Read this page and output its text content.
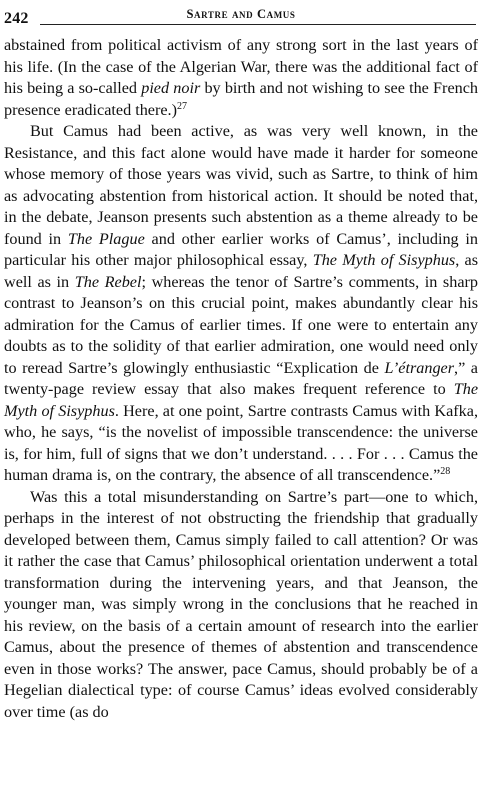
242	Sartre and Camus

abstained from political activism of any strong sort in the last years of his life. (In the case of the Algerian War, there was the additional fact of his being a so-called pied noir by birth and not wishing to see the French presence eradicated there.)$^{27}$

But Camus had been active, as was very well known, in the Resistance, and this fact alone would have made it harder for someone whose memory of those years was vivid, such as Sartre, to think of him as advocating abstention from historical action. It should be noted that, in the debate, Jeanson presents such abstention as a theme already to be found in The Plague and other earlier works of Camus’, including in particular his other major philosophical essay, The Myth of Sisyphus, as well as in The Rebel; whereas the tenor of Sartre’s comments, in sharp contrast to Jeanson’s on this crucial point, makes abundantly clear his admiration for the Camus of earlier times. If one were to entertain any doubts as to the solidity of that earlier admiration, one would need only to reread Sartre’s glowingly enthusiastic “Explication de L’étranger,” a twenty-page review essay that also makes frequent reference to The Myth of Sisyphus. Here, at one point, Sartre contrasts Camus with Kafka, who, he says, “is the novelist of impossible transcendence: the universe is, for him, full of signs that we don’t understand. . . . For . . . Camus the human drama is, on the contrary, the absence of all transcendence.”$^{28}$

Was this a total misunderstanding on Sartre’s part—one to which, perhaps in the interest of not obstructing the friendship that gradually developed between them, Camus simply failed to call attention? Or was it rather the case that Camus’ philosophical orientation underwent a total transformation during the intervening years, and that Jeanson, the younger man, was simply wrong in the conclusions that he reached in his review, on the basis of a certain amount of research into the earlier Camus, about the presence of themes of abstention and transcendence even in those works? The answer, pace Camus, should probably be of a Hegelian dialectical type: of course Camus’ ideas evolved considerably over time (as do
